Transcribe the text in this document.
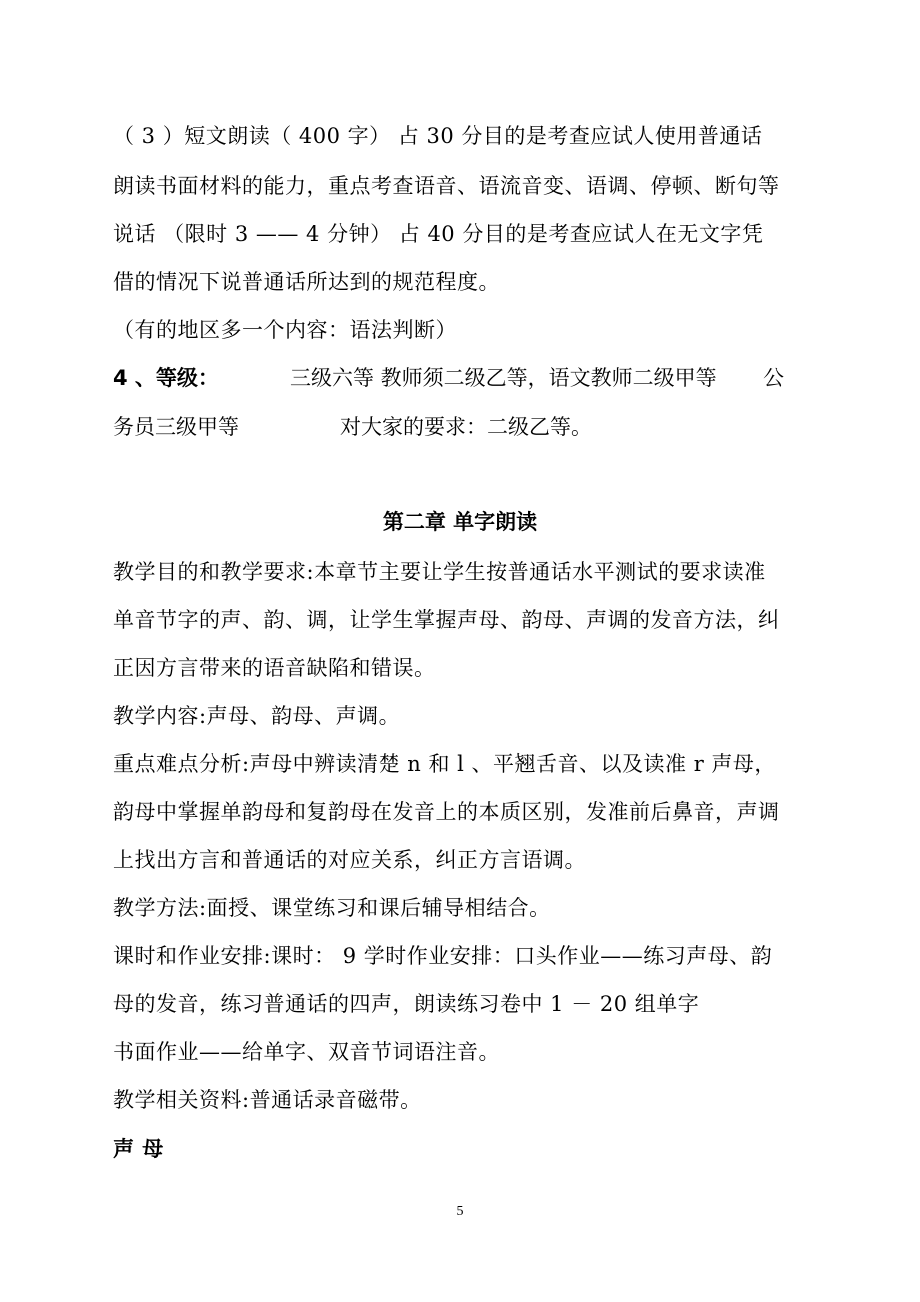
（ 3 ）短文朗读（ 400 字） 占 30 分目的是考查应试人使用普通话
朗读书面材料的能力，重点考查语音、语流音变、语调、停顿、断句等
说话 （限时 3 —— 4 分钟） 占 40 分目的是考查应试人在无文字凭
借的情况下说普通话所达到的规范程度。
（有的地区多一个内容：语法判断）
4 、等级：	三级六等 教师须二级乙等，语文教师二级甲等 公
务员三级甲等	对大家的要求：二级乙等。
第二章 单字朗读
教学目的和教学要求:本章节主要让学生按普通话水平测试的要求读准
单音节字的声、韵、调，让学生掌握声母、韵母、声调的发音方法，纠
正因方言带来的语音缺陷和错误。
教学内容:声母、韵母、声调。
重点难点分析:声母中辨读清楚 n 和 l 、平翘舌音、以及读准 r 声母，
韵母中掌握单韵母和复韵母在发音上的本质区别，发准前后鼻音，声调
上找出方言和普通话的对应关系，纠正方言语调。
教学方法:面授、课堂练习和课后辅导相结合。
课时和作业安排:课时： 9 学时作业安排：口头作业——练习声母、韵
母的发音，练习普通话的四声，朗读练习卷中 1 － 20 组单字
书面作业——给单字、双音节词语注音。
教学相关资料:普通话录音磁带。
声 母
5
